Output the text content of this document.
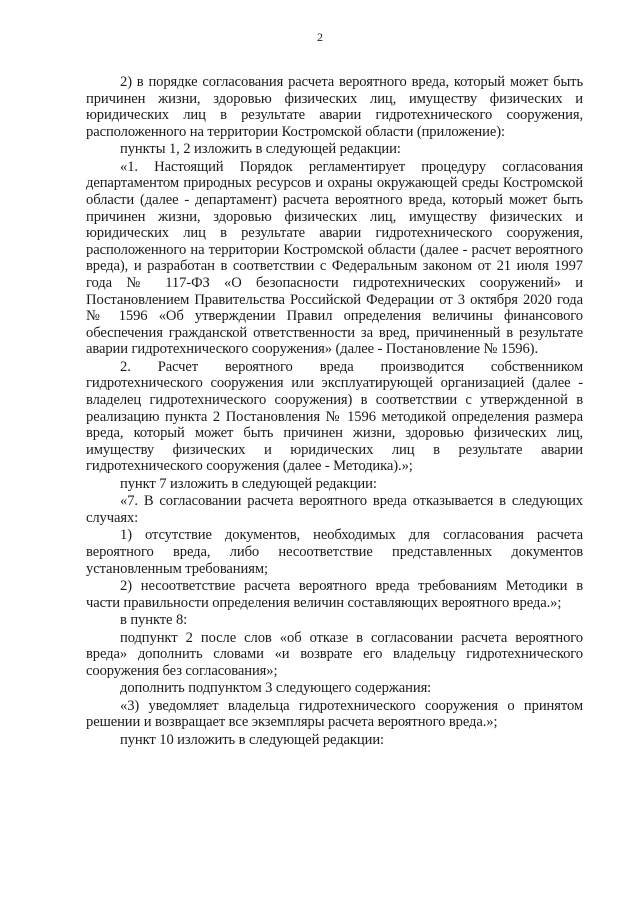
2

2) в порядке согласования расчета вероятного вреда, который может быть причинен жизни, здоровью физических лиц, имуществу физических и юридических лиц в результате аварии гидротехнического сооружения, расположенного на территории Костромской области (приложение):

пункты 1, 2 изложить в следующей редакции:

«1. Настоящий Порядок регламентирует процедуру согласования департаментом природных ресурсов и охраны окружающей среды Костромской области (далее - департамент) расчета вероятного вреда, который может быть причинен жизни, здоровью физических лиц, имуществу физических и юридических лиц в результате аварии гидротехнического сооружения, расположенного на территории Костромской области (далее - расчет вероятного вреда), и разработан в соответствии с Федеральным законом от 21 июля 1997 года № 117-ФЗ «О безопасности гидротехнических сооружений» и Постановлением Правительства Российской Федерации от 3 октября 2020 года № 1596 «Об утверждении Правил определения величины финансового обеспечения гражданской ответственности за вред, причиненный в результате аварии гидротехнического сооружения» (далее - Постановление № 1596).

2. Расчет вероятного вреда производится собственником гидротехнического сооружения или эксплуатирующей организацией (далее - владелец гидротехнического сооружения) в соответствии с утвержденной в реализацию пункта 2 Постановления № 1596 методикой определения размера вреда, который может быть причинен жизни, здоровью физических лиц, имуществу физических и юридических лиц в результате аварии гидротехнического сооружения (далее - Методика).»;

пункт 7 изложить в следующей редакции:

«7. В согласовании расчета вероятного вреда отказывается в следующих случаях:

1) отсутствие документов, необходимых для согласования расчета вероятного вреда, либо несоответствие представленных документов установленным требованиям;

2) несоответствие расчета вероятного вреда требованиям Методики в части правильности определения величин составляющих вероятного вреда.»;

в пункте 8:

подпункт 2 после слов «об отказе в согласовании расчета вероятного вреда» дополнить словами «и возврате его владельцу гидротехнического сооружения без согласования»;

дополнить подпунктом 3 следующего содержания:

«3) уведомляет владельца гидротехнического сооружения о принятом решении и возвращает все экземпляры расчета вероятного вреда.»;

пункт 10 изложить в следующей редакции:
